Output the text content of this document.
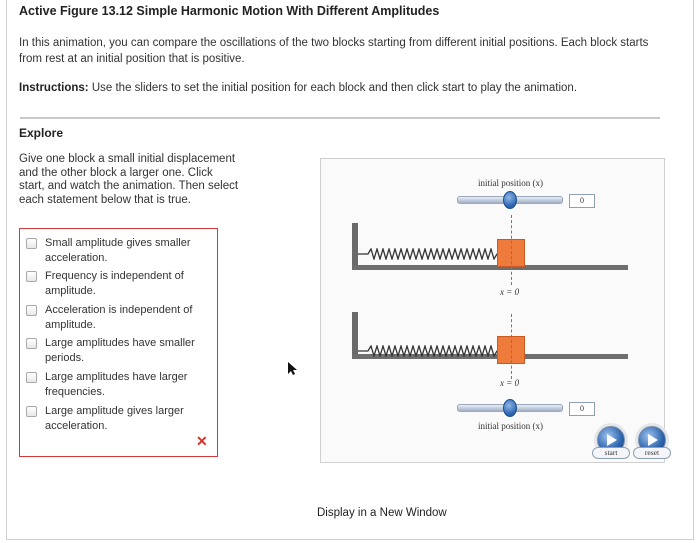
Active Figure 13.12 Simple Harmonic Motion With Different Amplitudes
In this animation, you can compare the oscillations of the two blocks starting from different initial positions. Each block starts from rest at an initial position that is positive.
Instructions: Use the sliders to set the initial position for each block and then click start to play the animation.
Explore
Give one block a small initial displacement and the other block a larger one. Click start, and watch the animation. Then select each statement below that is true.
Small amplitude gives smaller acceleration.
Frequency is independent of amplitude.
Acceleration is independent of amplitude.
Large amplitudes have smaller periods.
Large amplitudes have larger frequencies.
Large amplitude gives larger acceleration.
✕
initial position (x)
0
x = 0
x = 0
0
initial position (x)
start	reset
Display in a New Window
